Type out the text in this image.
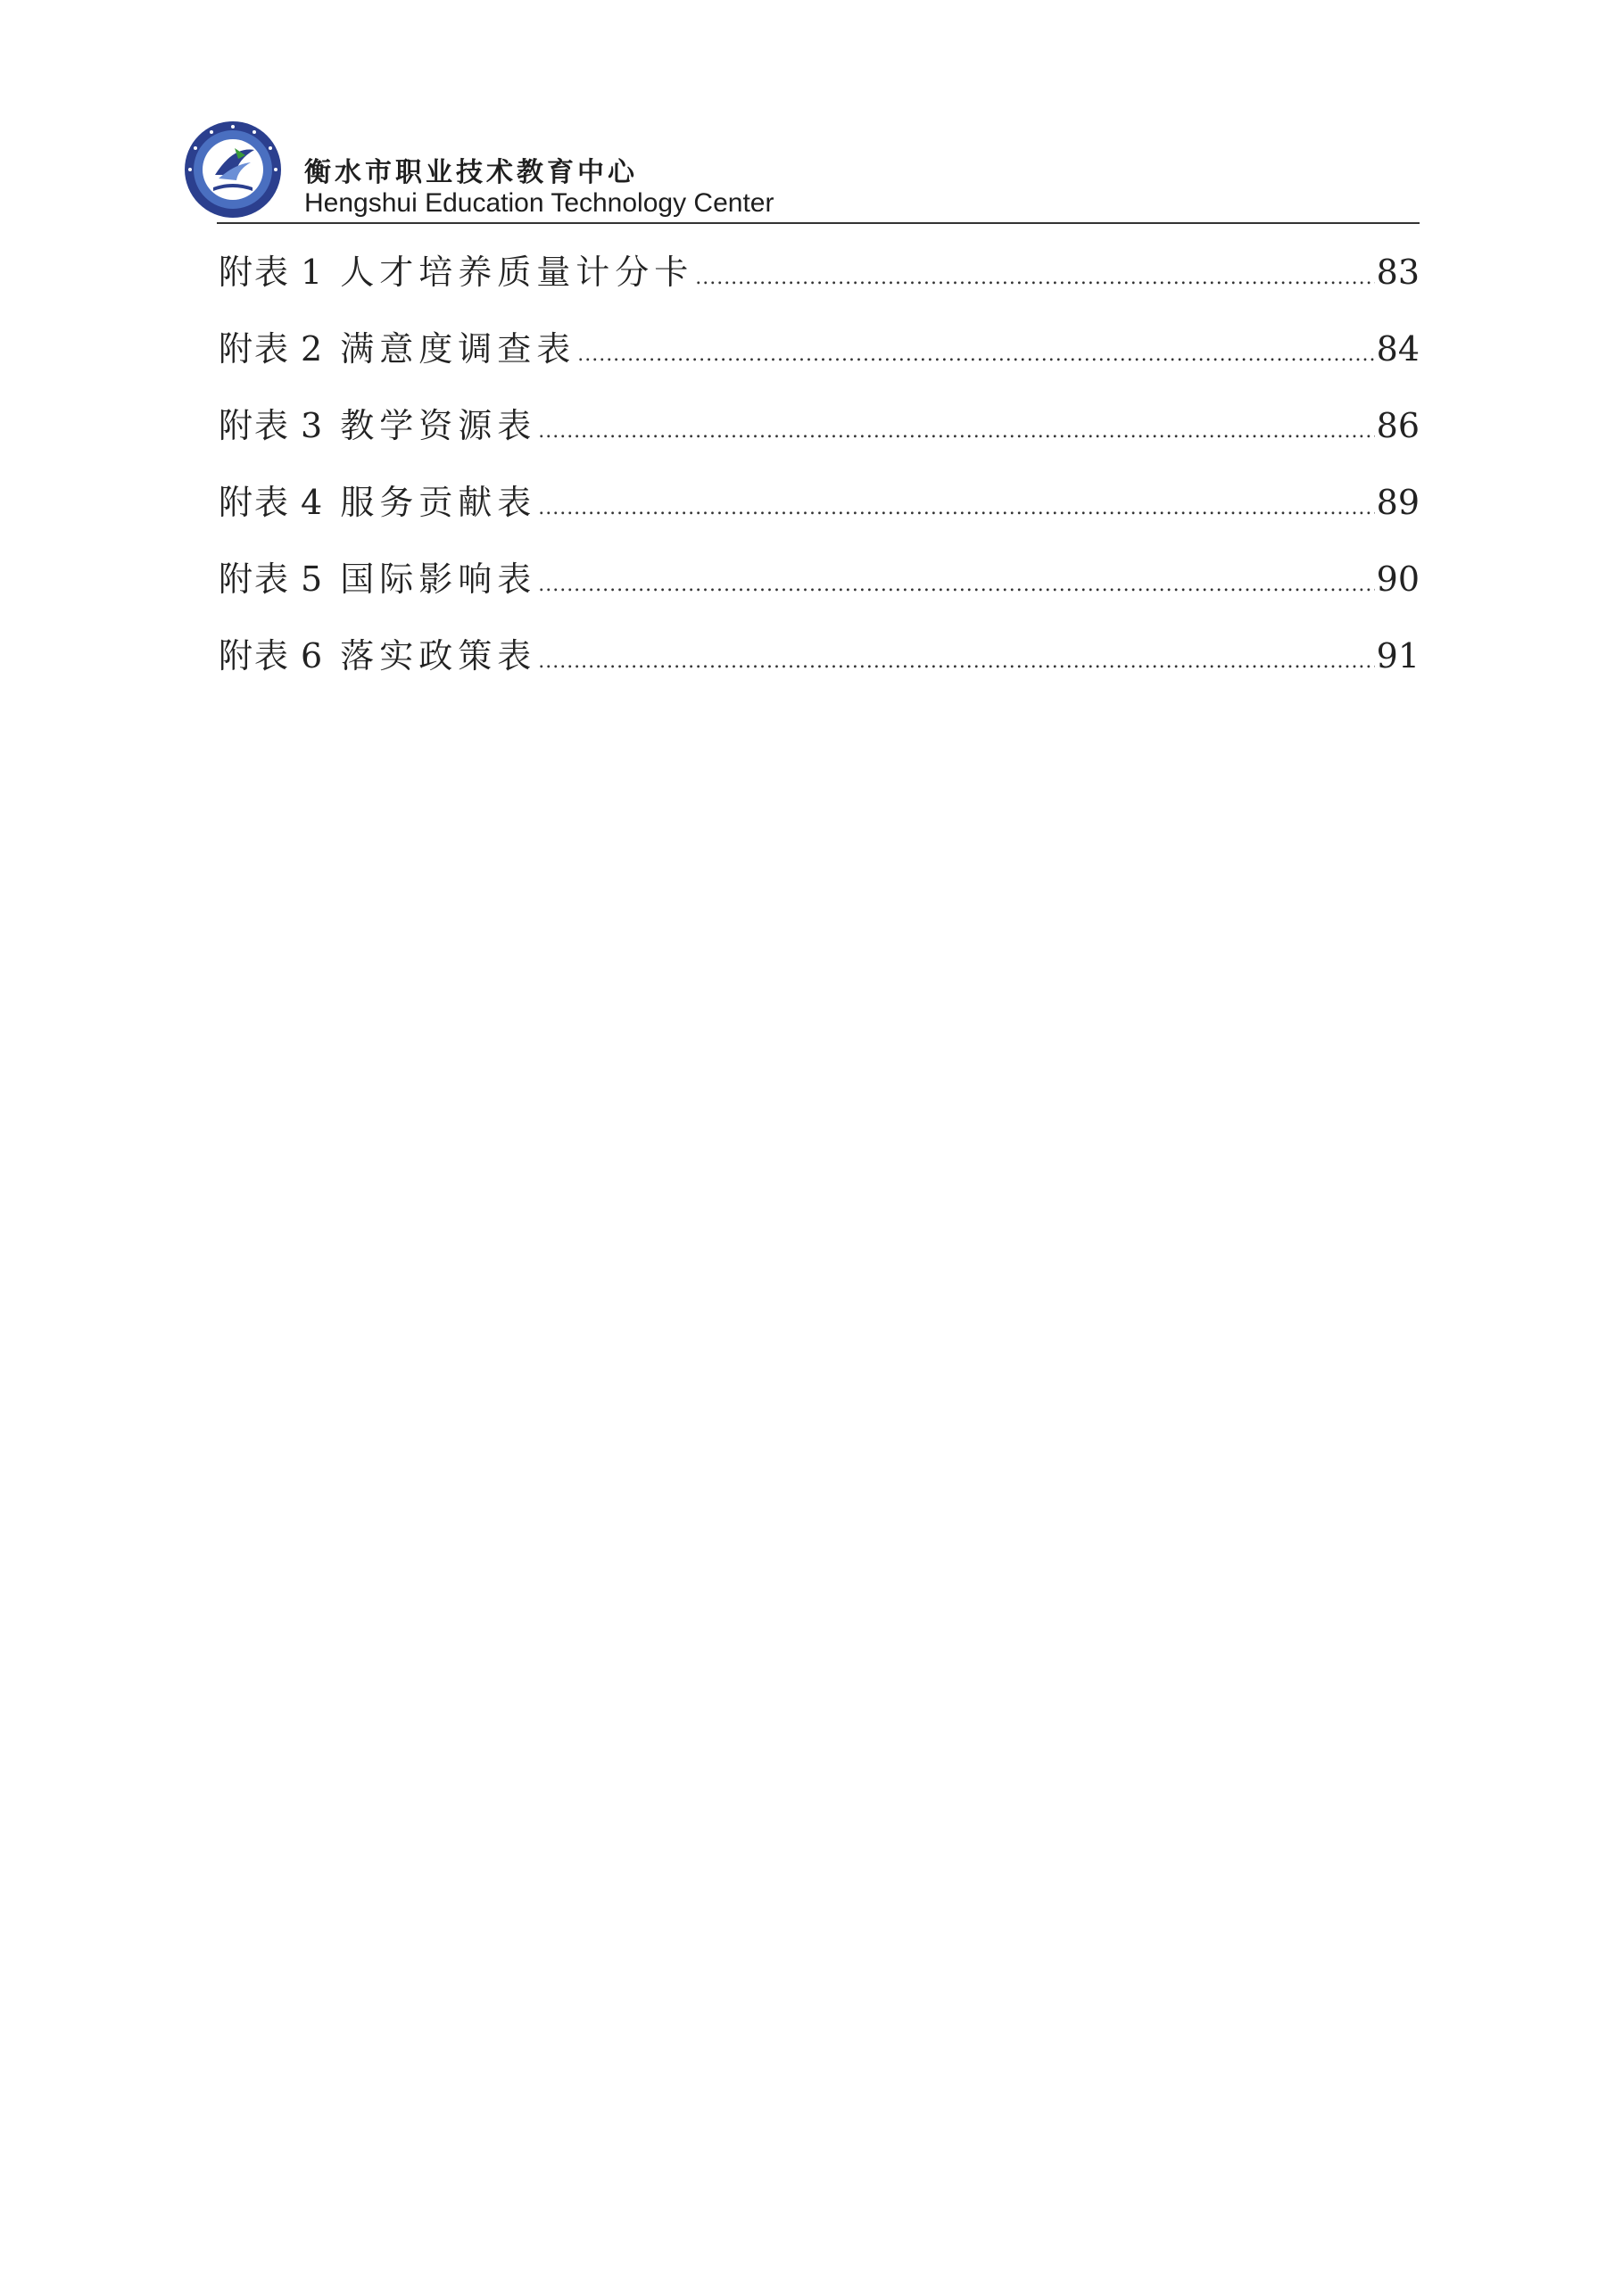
衡水市职业技术教育中心
Hengshui Education Technology Center
附表 1 人才培养质量计分卡 .....	83
附表 2 满意度调查表 .....	84
附表 3 教学资源表 .....	86
附表 4 服务贡献表 .....	89
附表 5 国际影响表 .....	90
附表 6 落实政策表 .....	91
